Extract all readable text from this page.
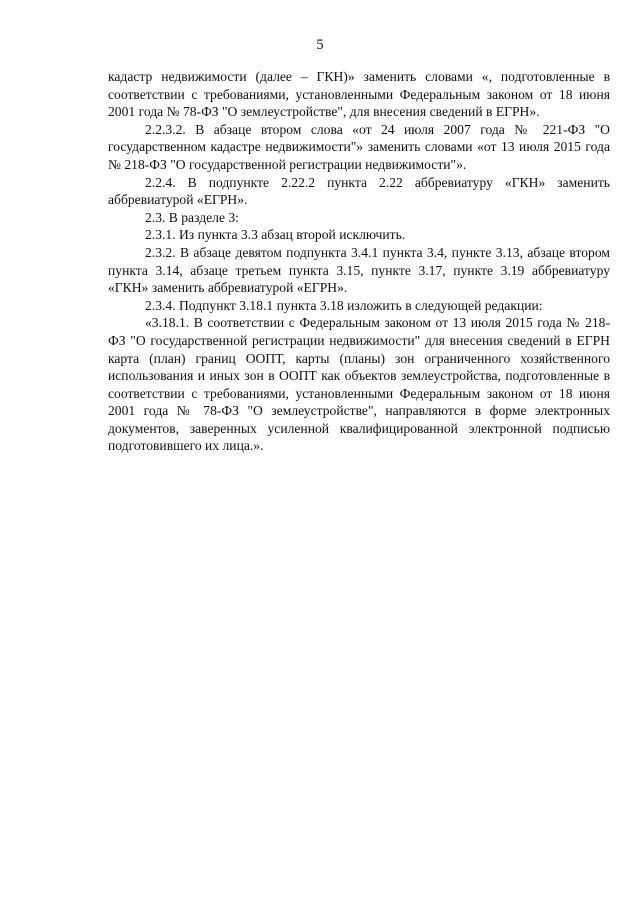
5

кадастр недвижимости (далее – ГКН)» заменить словами «, подготовленные в соответствии с требованиями, установленными Федеральным законом от 18 июня 2001 года № 78-ФЗ "О землеустройстве", для внесения сведений в ЕГРН».

2.2.3.2. В абзаце втором слова «от 24 июля 2007 года № 221-ФЗ "О государственном кадастре недвижимости"» заменить словами «от 13 июля 2015 года № 218-ФЗ "О государственной регистрации недвижимости"».

2.2.4. В подпункте 2.22.2 пункта 2.22 аббревиатуру «ГКН» заменить аббревиатурой «ЕГРН».

2.3. В разделе 3:

2.3.1. Из пункта 3.3 абзац второй исключить.

2.3.2. В абзаце девятом подпункта 3.4.1 пункта 3.4, пункте 3.13, абзаце втором пункта 3.14, абзаце третьем пункта 3.15, пункте 3.17, пункте 3.19 аббревиатуру «ГКН» заменить аббревиатурой «ЕГРН».

2.3.4. Подпункт 3.18.1 пункта 3.18 изложить в следующей редакции:

«3.18.1. В соответствии с Федеральным законом от 13 июля 2015 года № 218-ФЗ "О государственной регистрации недвижимости" для внесения сведений в ЕГРН карта (план) границ ООПТ, карты (планы) зон ограниченного хозяйственного использования и иных зон в ООПТ как объектов землеустройства, подготовленные в соответствии с требованиями, установленными Федеральным законом от 18 июня 2001 года № 78-ФЗ "О землеустройстве", направляются в форме электронных документов, заверенных усиленной квалифицированной электронной подписью подготовившего их лица.».
